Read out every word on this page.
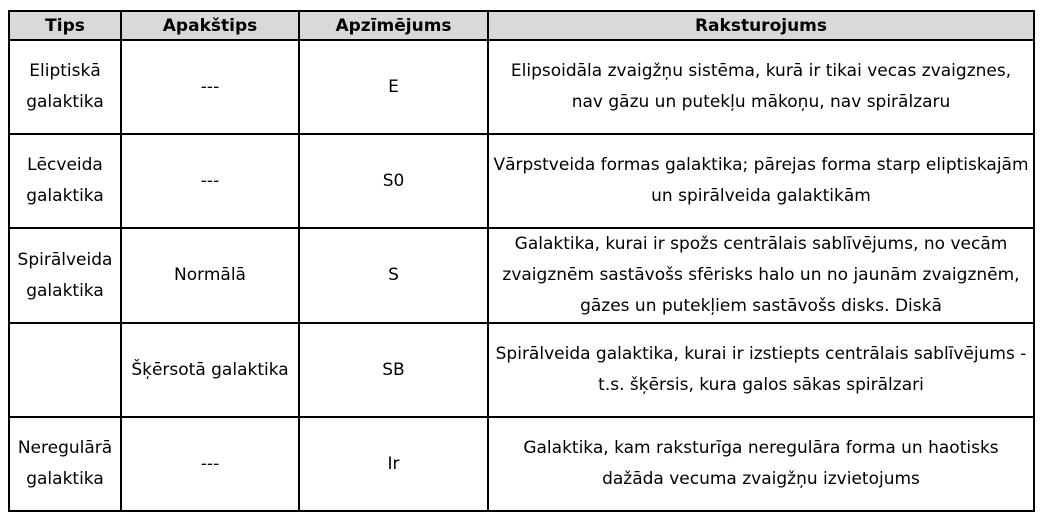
Tips	Apakštips	Apzīmējums	Raksturojums
Eliptiskā galaktika	---	E	Elipsoidāla zvaigžņu sistēma, kurā ir tikai vecas zvaigznes, nav gāzu un putekļu mākoņu, nav spirālzaru
Lēcveida galaktika	---	S0	Vārpstveida formas galaktika; pārejas forma starp eliptiskajām un spirālveida galaktikām
Spirālveida galaktika	Normālā	S	Galaktika, kurai ir spožs centrālais sablīvējums, no vecām zvaigznēm sastāvošs sfērisks halo un no jaunām zvaigznēm, gāzes un putekļiem sastāvošs disks. Diskā
	Šķērsotā galaktika	SB	Spirālveida galaktika, kurai ir izstiepts centrālais sablīvējums - t.s. šķērsis, kura galos sākas spirālzari
Neregulārā galaktika	---	Ir	Galaktika, kam raksturīga neregulāra forma un haotisks dažāda vecuma zvaigžņu izvietojums
